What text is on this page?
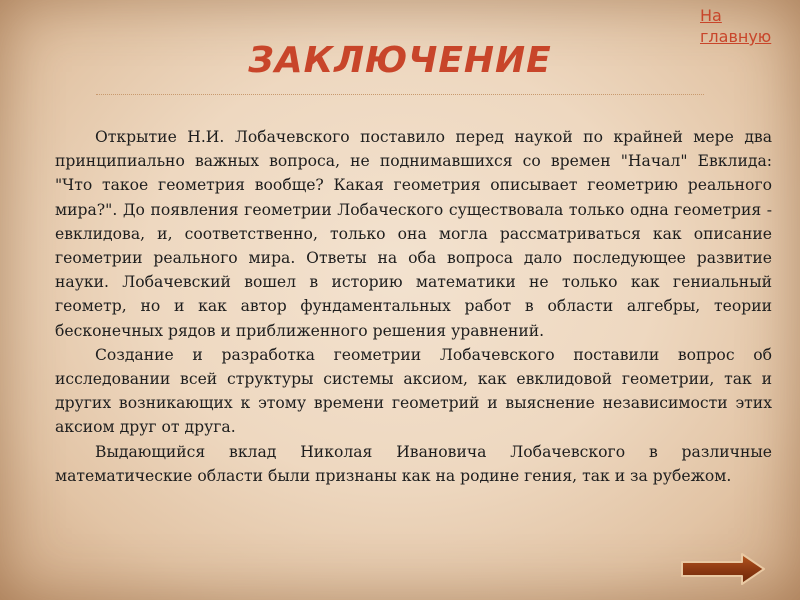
На главную
ЗАКЛЮЧЕНИЕ

Открытие Н.И. Лобачевского поставило перед наукой по крайней мере два принципиально важных вопроса, не поднимавшихся со времен "Начал" Евклида: "Что такое геометрия вообще? Какая геометрия описывает геометрию реального мира?". До появления геометрии Лобаческого существовала только одна геометрия - евклидова, и, соответственно, только она могла рассматриваться как описание геометрии реального мира. Ответы на оба вопроса дало последующее развитие науки. Лобачевский вошел в историю математики не только как гениальный геометр, но и как автор фундаментальных работ в области алгебры, теории бесконечных рядов и приближенного решения уравнений.

Создание и разработка геометрии Лобачевского поставили вопрос об исследовании всей структуры системы аксиом, как евклидовой геометрии, так и других возникающих к этому времени геометрий и выяснение независимости этих аксиом друг от друга.

Выдающийся вклад Николая Ивановича Лобачевского в различные математические области были признаны как на родине гения, так и за рубежом.
